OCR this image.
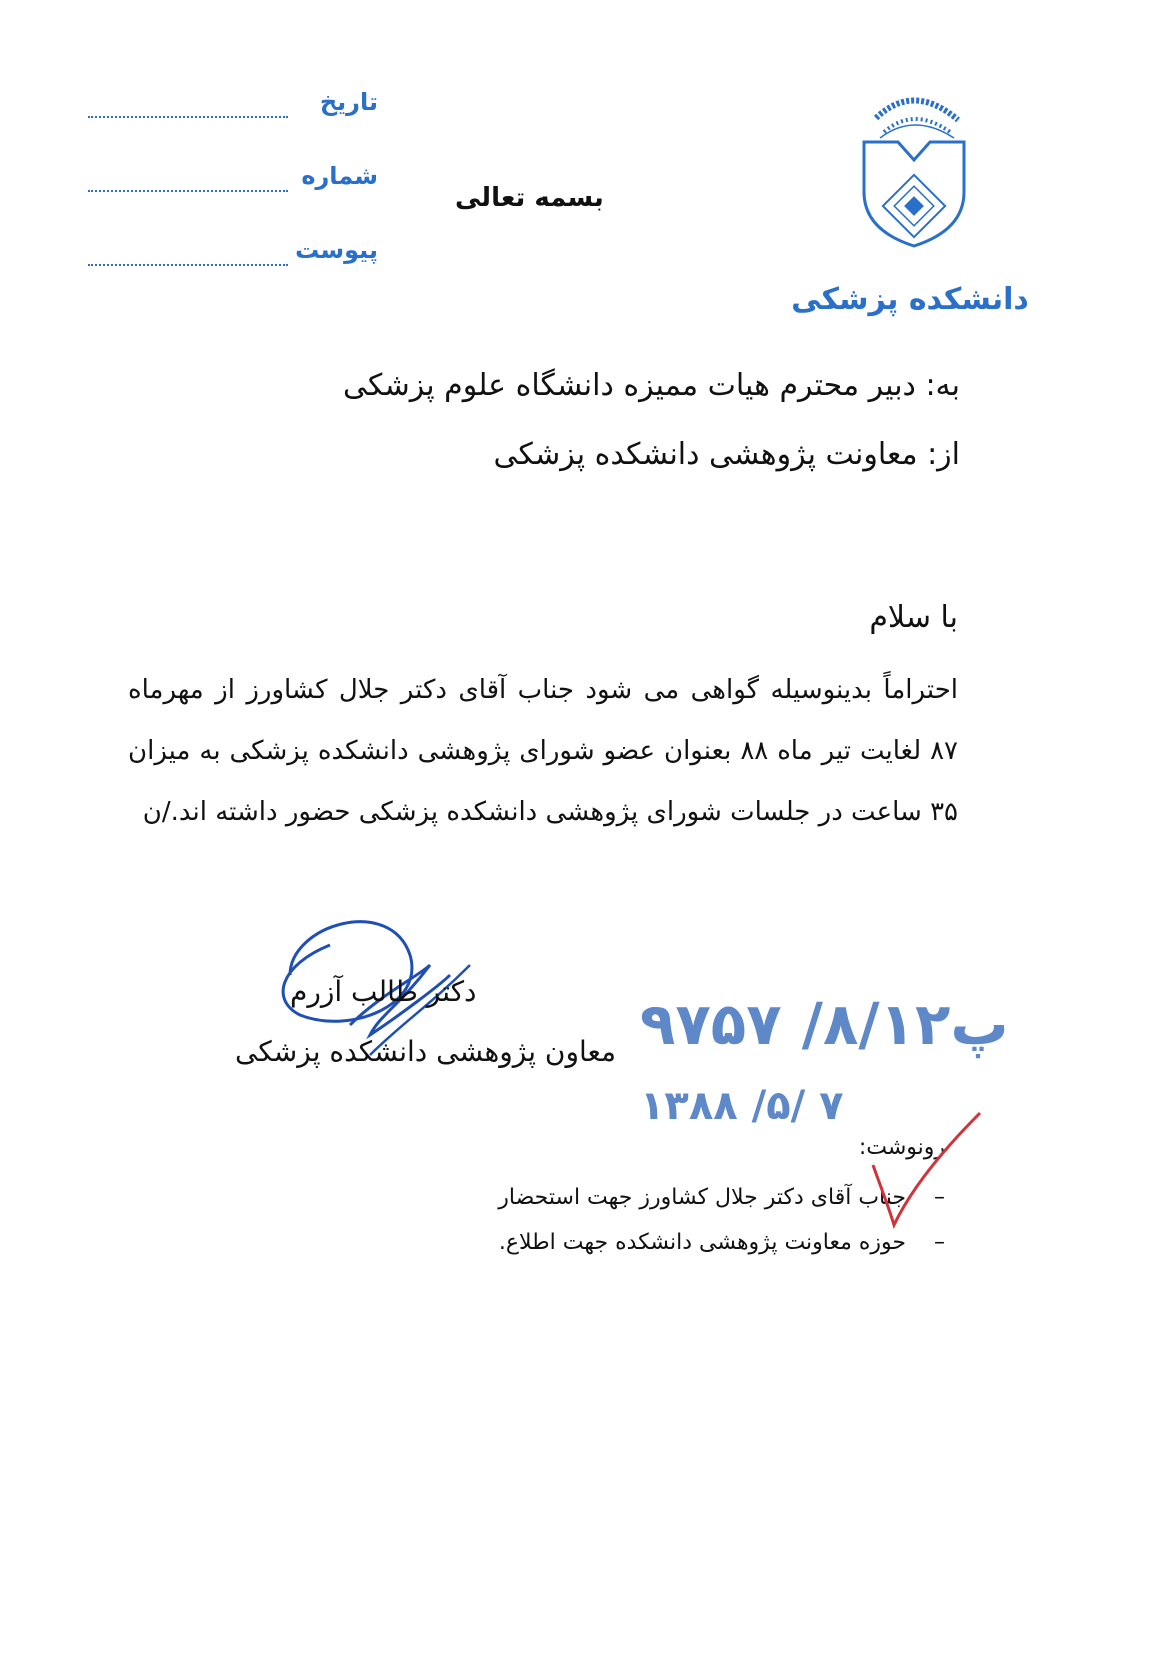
تاریخ
شماره
پیوست
بسمه تعالی
دانشکده پزشکی
به: دبیر محترم هیات ممیزه دانشگاه علوم پزشکی
از: معاونت پژوهشی دانشکده پزشکی
با سلام
احتراماً بدینوسیله گواهی می شود جناب آقای دکتر جلال کشاورز از مهرماه ۸۷ لغایت تیر ماه ۸۸ بعنوان عضو شورای پژوهشی دانشکده پزشکی به میزان ۳۵ ساعت در جلسات شورای پژوهشی دانشکده پزشکی حضور داشته اند./ن
دکتر طالب آزرم
معاون پژوهشی دانشکده پزشکی ۹۷۵۷ /۸/۱۲پ
۱۳۸۸ /۵/ ۷
رونوشت:
– جناب آقای دکتر جلال کشاورز جهت استحضار
– حوزه معاونت پژوهشی دانشکده جهت اطلاع.
